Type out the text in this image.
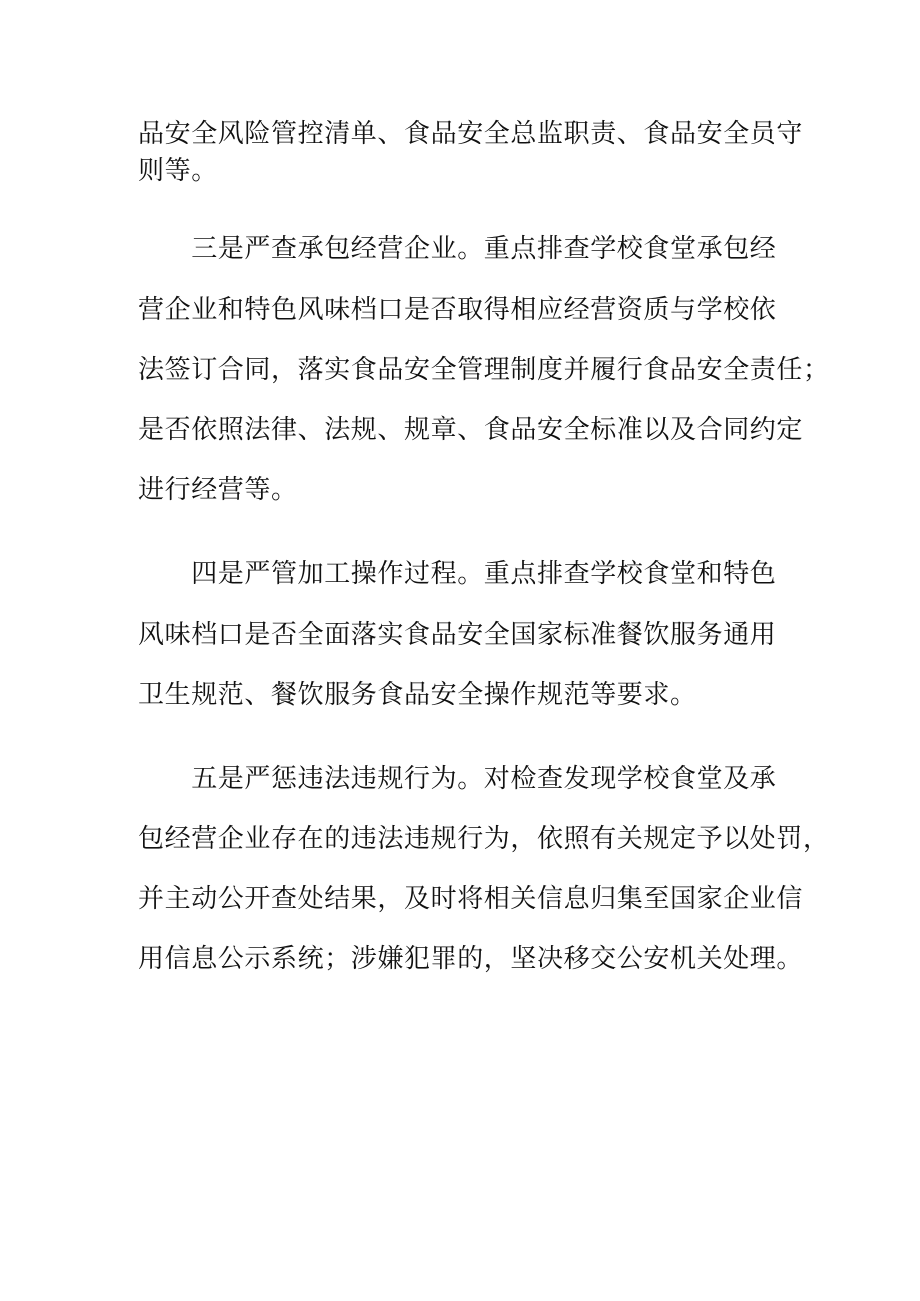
品安全风险管控清单、食品安全总监职责、食品安全员守
则等。
　　三是严查承包经营企业。重点排查学校食堂承包经
营企业和特色风味档口是否取得相应经营资质与学校依
法签订合同，落实食品安全管理制度并履行食品安全责任；
是否依照法律、法规、规章、食品安全标准以及合同约定
进行经营等。
　　四是严管加工操作过程。重点排查学校食堂和特色
风味档口是否全面落实食品安全国家标准餐饮服务通用
卫生规范、餐饮服务食品安全操作规范等要求。
　　五是严惩违法违规行为。对检查发现学校食堂及承
包经营企业存在的违法违规行为，依照有关规定予以处罚，
并主动公开查处结果，及时将相关信息归集至国家企业信
用信息公示系统；涉嫌犯罪的，坚决移交公安机关处理。
